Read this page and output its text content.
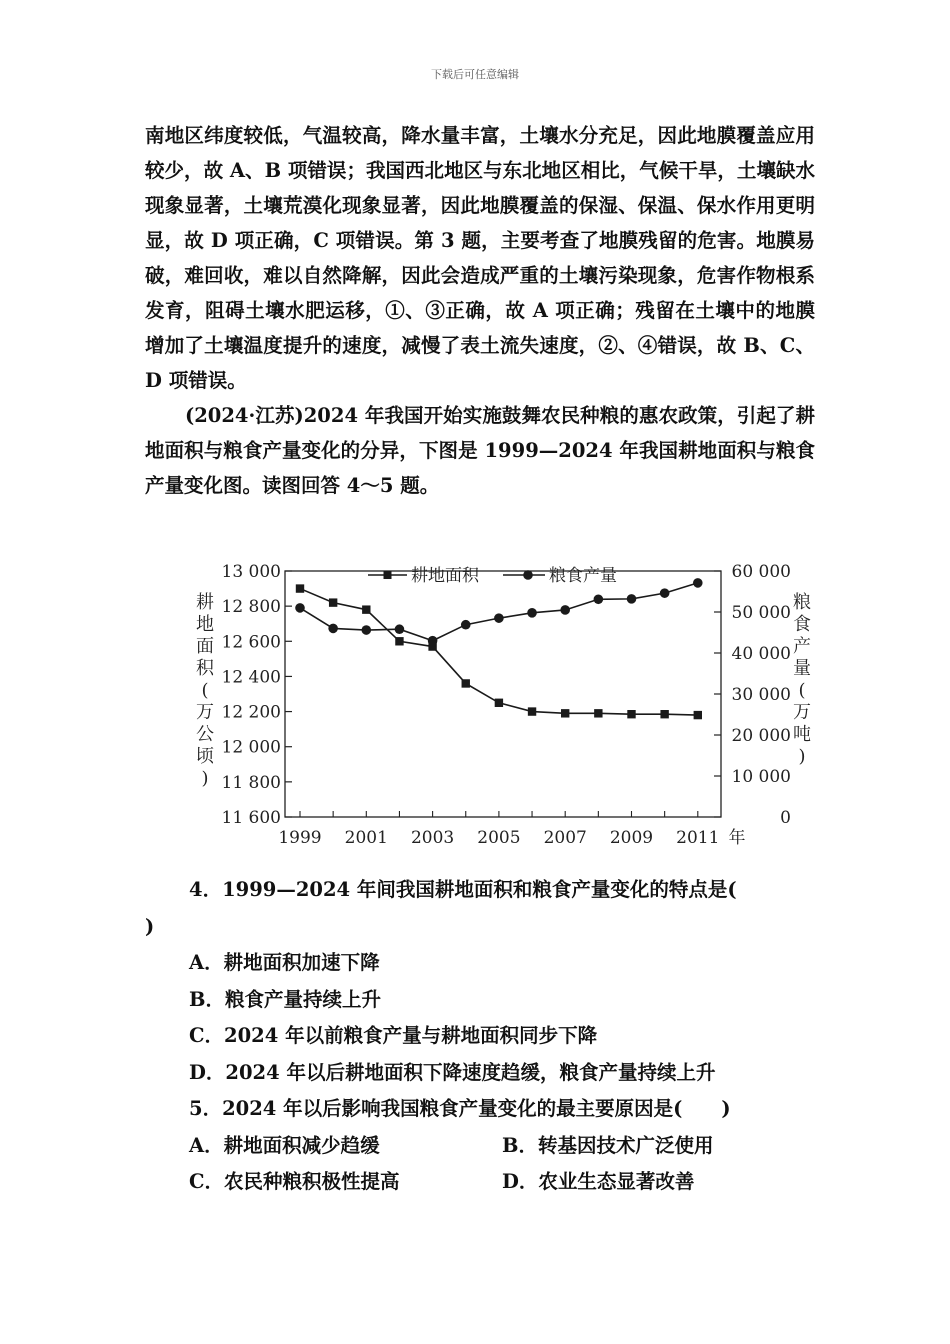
下载后可任意编辑

南地区纬度较低，气温较高，降水量丰富，土壤水分充足，因此地膜覆盖应用较少，故 A、B 项错误；我国西北地区与东北地区相比，气候干旱，土壤缺水现象显著，土壤荒漠化现象显著，因此地膜覆盖的保湿、保温、保水作用更明显，故 D 项正确，C 项错误。第 3 题，主要考查了地膜残留的危害。地膜易破，难回收，难以自然降解，因此会造成严重的土壤污染现象，危害作物根系发育，阻碍土壤水肥运移，①、③正确，故 A 项正确；残留在土壤中的地膜增加了土壤温度提升的速度，减慢了表土流失速度，②、④错误，故 B、C、D 项错误。

(2024·江苏)2024 年我国开始实施鼓舞农民种粮的惠农政策，引起了耕地面积与粮食产量变化的分异，下图是 1999—2024 年我国耕地面积与粮食产量变化图。读图回答 4～5 题。

13 000
12 800
12 600
12 400
12 200
12 000
11 800
11 600
60 000
50 000
40 000
30 000
20 000
10 000
0
1999 2001 2003 2005 2007 2009 2011 年
耕地面积	粮食产量
耕地面积(万公顷)
粮食产量(万吨)

4．1999—2024 年间我国耕地面积和粮食产量变化的特点是(

)

A．耕地面积加速下降

B．粮食产量持续上升

C．2024 年以前粮食产量与耕地面积同步下降

D．2024 年以后耕地面积下降速度趋缓，粮食产量持续上升

5．2024 年以后影响我国粮食产量变化的最主要原因是(　　)

A．耕地面积减少趋缓	B．转基因技术广泛使用
C．农民种粮积极性提高	D．农业生态显著改善
